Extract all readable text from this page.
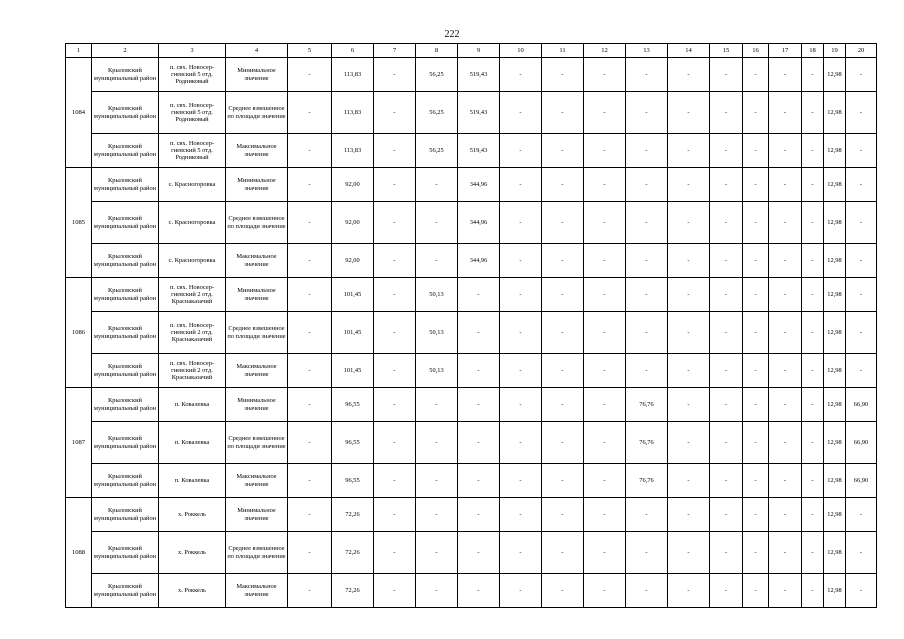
222
1	2	3	4	5	6	7	8	9	10	11	12	13	14	15	16	17	18	19	20
1084	Крыловский муниципальный район	п. свх. Новосер-гиевский 5 отд. Родниковый	Минимальное значение	-	113,83	-	56,25	519,43	-	-	-	-	-	-	-	-	-	12,98	-
	Крыловский муниципальный район	п. свх. Новосер-гиевский 5 отд. Родниковый	Среднее взвешенное по площади значение	-	113,83	-	56,25	519,43	-	-	-	-	-	-	-	-	-	12,98	-
	Крыловский муниципальный район	п. свх. Новосер-гиевский 5 отд. Родниковый	Максимальное значение	-	113,83	-	56,25	519,43	-	-	-	-	-	-	-	-	-	12,98	-
1085	Крыловский муниципальный район	с. Красногоровка	Минимальное значение	-	92,00	-	-	344,96	-	-	-	-	-	-	-	-	-	12,98	-
	Крыловский муниципальный район	с. Красногоровка	Среднее взвешенное по площади значение	-	92,00	-	-	344,96	-	-	-	-	-	-	-	-	-	12,98	-
	Крыловский муниципальный район	с. Красногоровка	Максимальное значение	-	92,00	-	-	344,96	-	-	-	-	-	-	-	-	-	12,98	-
1086	Крыловский муниципальный район	п. свх. Новосер-гиевский 2 отд. Краснаказачий	Минимальное значение	-	101,45	-	50,13	-	-	-	-	-	-	-	-	-	-	12,98	-
	Крыловский муниципальный район	п. свх. Новосер-гиевский 2 отд. Краснаказачий	Среднее взвешенное по площади значение	-	101,45	-	50,13	-	-	-	-	-	-	-	-	-	-	12,98	-
	Крыловский муниципальный район	п. свх. Новосер-гиевский 2 отд. Краснаказачий	Максимальное значение	-	101,45	-	50,13	-	-	-	-	-	-	-	-	-	-	12,98	-
1087	Крыловский муниципальный район	п. Ковалевка	Минимальное значение	-	96,55	-	-	-	-	-	-	76,76	-	-	-	-	-	12,98	66,90
	Крыловский муниципальный район	п. Ковалевка	Среднее взвешенное по площади значение	-	96,55	-	-	-	-	-	-	76,76	-	-	-	-	-	12,98	66,90
	Крыловский муниципальный район	п. Ковалевка	Максимальное значение	-	96,55	-	-	-	-	-	-	76,76	-	-	-	-	-	12,98	66,90
1088	Крыловский муниципальный район	х. Роккель	Минимальное значение	-	72,26	-	-	-	-	-	-	-	-	-	-	-	-	12,98	-
	Крыловский муниципальный район	х. Роккель	Среднее взвешенное по площади значение	-	72,26	-	-	-	-	-	-	-	-	-	-	-	-	12,98	-
	Крыловский муниципальный район	х. Роккель	Максимальное значение	-	72,26	-	-	-	-	-	-	-	-	-	-	-	-	12,98	-
